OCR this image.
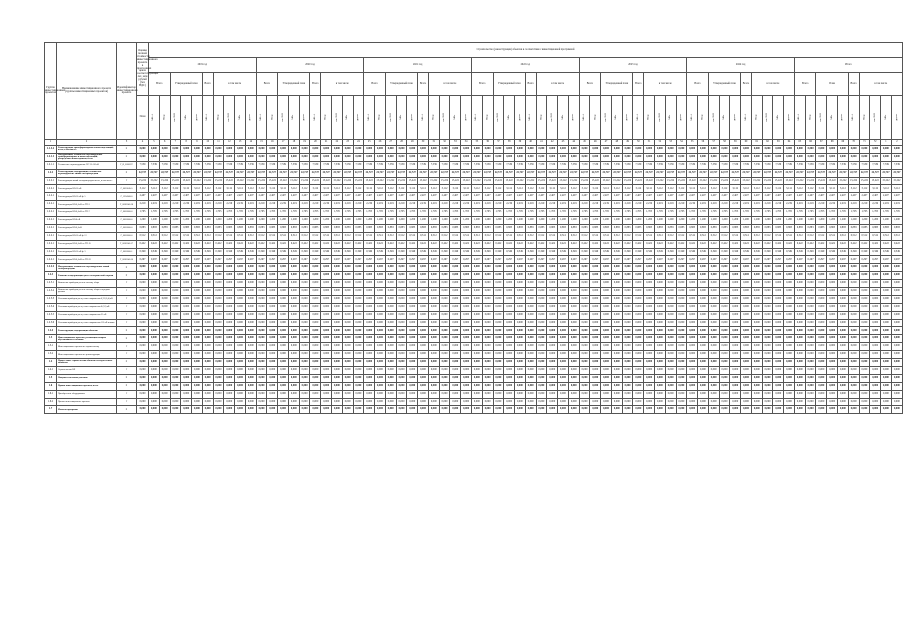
Группа инвестиционных проектов	Наименование инвестиционного проекта (группы инвестиционных проектов)	Идентификатор инвестиционного проекта	Оценка полной стоимости инвестиционного проекта в прогнозных ценах соответствующих лет, млн рублей (без НДС)	Строительство (реконструкция) объектов в соответствии с инвестиционной программой
2019 год	2020 год	2021 год	2022 год	2023 год	2024 год	Итого
Всего	Утвержденный план	Всего	в том числе	Всего	Утвержденный план	Всего	в том числе	Всего	Утвержденный план	Всего	в том числе	Всего	Утвержденный план	Всего	в том числе	Всего	Утвержденный план	Всего	в том числе	Всего	Утвержденный план	Всего	в том числе	Всего	План	Всего	в том числе
План	МВ×А	Мвар	км ЛЭП	МВт	другое	МВ×А	Мвар	км ЛЭП	МВт	другое	МВ×А	Мвар	км ЛЭП	МВт	другое	МВ×А	Мвар	км ЛЭП	МВт	другое	МВ×А	Мвар	км ЛЭП	МВт	другое	МВ×А	Мвар	км ЛЭП	МВт	другое	МВ×А	Мвар	км ЛЭП	МВт	другое	МВ×А	Мвар	км ЛЭП	МВт	другое	МВ×А	Мвар	км ЛЭП	МВт	другое	МВ×А	Мвар	км ЛЭП	МВт	другое	МВ×А	Мвар	км ЛЭП	МВт	другое	МВ×А	Мвар	км ЛЭП	МВт	другое	МВ×А	Мвар	км ЛЭП	МВт	другое	МВ×А	Мвар	км ЛЭП	МВт	другое
1	2	3	4	5	6	7	8	9	10	11	12	13	14	15	16	17	18	19	20	21	22	23	24	25	26	27	28	29	30	31	32	33	34	35	36	37	38	39	40	41	42	43	44	45	46	47	48	49	50	51	52	53	54	55	56	57	58	59	60	61	62	63	64	65	66	67	68	69	70	71	72	1	2
1.1.3.2	Реконструкция трансформаторных и иных подстанций, всего, в том числе:	Г	0,000	0,000	0,000	0,000	0,000	0,000	0,000	0,000	0,000	0,000	0,000	0,000	0,000	0,000	0,000	0,000	0,000	0,000	0,000	0,000	0,000	0,000	0,000	0,000	0,000	0,000	0,000	0,000	0,000	0,000	0,000	0,000	0,000	0,000	0,000	0,000	0,000	0,000	0,000	0,000	0,000	0,000	0,000	0,000	0,000	0,000	0,000	0,000	0,000	0,000	0,000	0,000	0,000	0,000	0,000	0,000	0,000	0,000	0,000	0,000	0,000	0,000	0,000	0,000	0,000	0,000	0,000	0,000	0,000	0,000	0,000
1.2.1.1	Модернизация, техническое перевооружение трансформаторных и иных подстанций, распределительных пунктов, всего	Г	0,000	0,000	0,000	0,000	0,000	0,000	0,000	0,000	0,000	0,000	0,000	0,000	0,000	0,000	0,000	0,000	0,000	0,000	0,000	0,000	0,000	0,000	0,000	0,000	0,000	0,000	0,000	0,000	0,000	0,000	0,000	0,000	0,000	0,000	0,000	0,000	0,000	0,000	0,000	0,000	0,000	0,000	0,000	0,000	0,000	0,000	0,000	0,000	0,000	0,000	0,000	0,000	0,000	0,000	0,000	0,000	0,000	0,000	0,000	0,000	0,000	0,000	0,000	0,000	0,000	0,000	0,000	0,000	0,000	0,000	0,000
1.2.1.1	Техническое перевооружение ПС 35-110 кВ	Г_Я_0000227	7,539	7,539	7,539	7,539	7,539	7,539	7,539	7,539	7,539	7,539	7,539	7,539	7,539	7,539	7,539	7,539	7,539	7,539	7,539	7,539	7,539	7,539	7,539	7,539	7,539	7,539	7,539	7,539	7,539	7,539	7,539	7,539	7,539	7,539	7,539	7,539	7,539	7,539	7,539	7,539	7,539	7,539	7,539	7,539	7,539	7,539	7,539	7,539	7,539	7,539	7,539	7,539	7,539	7,539	7,539	7,539	7,539	7,539	7,539	7,539	7,539	7,539	7,539	7,539	7,539	7,539	7,539	7,539	7,539	7,539	7,539
1.2.2	Реконструкция, модернизация, техническое перевооружение линий электропередачи	Г	22,727	22,727	22,727	22,727	22,727	22,727	22,727	22,727	22,727	22,727	22,727	22,727	22,727	22,727	22,727	22,727	22,727	22,727	22,727	22,727	22,727	22,727	22,727	22,727	22,727	22,727	22,727	22,727	22,727	22,727	22,727	22,727	22,727	22,727	22,727	22,727	22,727	22,727	22,727	22,727	22,727	22,727	22,727	22,727	22,727	22,727	22,727	22,727	22,727	22,727	22,727	22,727	22,727	22,727	22,727	22,727	22,727	22,727	22,727	22,727	22,727	22,727	22,727	22,727	22,727	22,727	22,727	22,727	22,727	22,727	22,727
1.2.2.1	Реконструкция линий электропередачи всего, в том числе:	Г	15,222	15,222	15,222	15,222	15,222	15,222	15,222	15,222	15,222	15,222	15,222	15,222	15,222	15,222	15,222	15,222	15,222	15,222	15,222	15,222	15,222	15,222	15,222	15,222	15,222	15,222	15,222	15,222	15,222	15,222	15,222	15,222	15,222	15,222	15,222	15,222	15,222	15,222	15,222	15,222	15,222	15,222	15,222	15,222	15,222	15,222	15,222	15,222	15,222	15,222	15,222	15,222	15,222	15,222	15,222	15,222	15,222	15,222	15,222	15,222	15,222	15,222	15,222	15,222	15,222	15,222	15,222	15,222	15,222	15,222	15,222
1.2.2.1	Реконструкция ВЛ-10 кВ	Г_0020245-5	3,112	3,112	3,112	3,112	3,112	3,112	3,112	3,112	3,112	3,112	3,112	3,112	3,112	3,112	3,112	3,112	3,112	3,112	3,112	3,112	3,112	3,112	3,112	3,112	3,112	3,112	3,112	3,112	3,112	3,112	3,112	3,112	3,112	3,112	3,112	3,112	3,112	3,112	3,112	3,112	3,112	3,112	3,112	3,112	3,112	3,112	3,112	3,112	3,112	3,112	3,112	3,112	3,112	3,112	3,112	3,112	3,112	3,112	3,112	3,112	3,112	3,112	3,112	3,112	3,112	3,112	3,112	3,112	3,112	3,112	3,112
1.2.2.1	Реконструкция ВЛ-10 кВ ф. 5	Г_1234568-0	2,407	2,407	2,407	2,407	2,407	2,407	2,407	2,407	2,407	2,407	2,407	2,407	2,407	2,407	2,407	2,407	2,407	2,407	2,407	2,407	2,407	2,407	2,407	2,407	2,407	2,407	2,407	2,407	2,407	2,407	2,407	2,407	2,407	2,407	2,407	2,407	2,407	2,407	2,407	2,407	2,407	2,407	2,407	2,407	2,407	2,407	2,407	2,407	2,407	2,407	2,407	2,407	2,407	2,407	2,407	2,407	2,407	2,407	2,407	2,407	2,407	2,407	2,407	2,407	2,407	2,407	2,407	2,407	2,407	2,407	2,407
1.2.2.1	Реконструкция ВЛ-0,4 кВ от ТП-3	Г_0020245-28	2,219	2,219	2,219	2,219	2,219	2,219	2,219	2,219	2,219	2,219	2,219	2,219	2,219	2,219	2,219	2,219	2,219	2,219	2,219	2,219	2,219	2,219	2,219	2,219	2,219	2,219	2,219	2,219	2,219	2,219	2,219	2,219	2,219	2,219	2,219	2,219	2,219	2,219	2,219	2,219	2,219	2,219	2,219	2,219	2,219	2,219	2,219	2,219	2,219	2,219	2,219	2,219	2,219	2,219	2,219	2,219	2,219	2,219	2,219	2,219	2,219	2,219	2,219	2,219	2,219	2,219	2,219	2,219	2,219	2,219	2,219
1.2.2.1	Реконструкция ВЛ-0,4 кВ от ТП-7	Г_0000000-0	1,705	1,705	1,705	1,705	1,705	1,705	1,705	1,705	1,705	1,705	1,705	1,705	1,705	1,705	1,705	1,705	1,705	1,705	1,705	1,705	1,705	1,705	1,705	1,705	1,705	1,705	1,705	1,705	1,705	1,705	1,705	1,705	1,705	1,705	1,705	1,705	1,705	1,705	1,705	1,705	1,705	1,705	1,705	1,705	1,705	1,705	1,705	1,705	1,705	1,705	1,705	1,705	1,705	1,705	1,705	1,705	1,705	1,705	1,705	1,705	1,705	1,705	1,705	1,705	1,705	1,705	1,705	1,705	1,705	1,705	1,705
1.2.2.1	Реконструкция ВЛ-6 кВ	Г_0000000-0	1,200	1,200	1,200	1,200	1,200	1,200	1,200	1,200	1,200	1,200	1,200	1,200	1,200	1,200	1,200	1,200	1,200	1,200	1,200	1,200	1,200	1,200	1,200	1,200	1,200	1,200	1,200	1,200	1,200	1,200	1,200	1,200	1,200	1,200	1,200	1,200	1,200	1,200	1,200	1,200	1,200	1,200	1,200	1,200	1,200	1,200	1,200	1,200	1,200	1,200	1,200	1,200	1,200	1,200	1,200	1,200	1,200	1,200	1,200	1,200	1,200	1,200	1,200	1,200	1,200	1,200	1,200	1,200	1,200	1,200	1,200
1.2.2.1	Реконструкция ВЛ-0,4 кВ	Г_0000000-0	0,883	0,883	0,883	0,883	0,883	0,883	0,883	0,883	0,883	0,883	0,883	0,883	0,883	0,883	0,883	0,883	0,883	0,883	0,883	0,883	0,883	0,883	0,883	0,883	0,883	0,883	0,883	0,883	0,883	0,883	0,883	0,883	0,883	0,883	0,883	0,883	0,883	0,883	0,883	0,883	0,883	0,883	0,883	0,883	0,883	0,883	0,883	0,883	0,883	0,883	0,883	0,883	0,883	0,883	0,883	0,883	0,883	0,883	0,883	0,883	0,883	0,883	0,883	0,883	0,883	0,883	0,883	0,883	0,883	0,883	0,883
1.2.2.1	Реконструкция ВЛ-10 кВ ф. 12	Г_0000000-0	0,512	0,512	0,512	0,512	0,512	0,512	0,512	0,512	0,512	0,512	0,512	0,512	0,512	0,512	0,512	0,512	0,512	0,512	0,512	0,512	0,512	0,512	0,512	0,512	0,512	0,512	0,512	0,512	0,512	0,512	0,512	0,512	0,512	0,512	0,512	0,512	0,512	0,512	0,512	0,512	0,512	0,512	0,512	0,512	0,512	0,512	0,512	0,512	0,512	0,512	0,512	0,512	0,512	0,512	0,512	0,512	0,512	0,512	0,512	0,512	0,512	0,512	0,512	0,512	0,512	0,512	0,512	0,512	0,512	0,512	0,512
1.2.2.1	Реконструкция ВЛ-0,4 кВ от ТП-15	Г_0020245-27	0,422	0,422	0,422	0,422	0,422	0,422	0,422	0,422	0,422	0,422	0,422	0,422	0,422	0,422	0,422	0,422	0,422	0,422	0,422	0,422	0,422	0,422	0,422	0,422	0,422	0,422	0,422	0,422	0,422	0,422	0,422	0,422	0,422	0,422	0,422	0,422	0,422	0,422	0,422	0,422	0,422	0,422	0,422	0,422	0,422	0,422	0,422	0,422	0,422	0,422	0,422	0,422	0,422	0,422	0,422	0,422	0,422	0,422	0,422	0,422	0,422	0,422	0,422	0,422	0,422	0,422	0,422	0,422	0,422	0,422	0,422
1.2.2.1	Реконструкция ВЛ-10 кВ ф. 3	Г_0000000-1	0,349	0,349	0,349	0,349	0,349	0,349	0,349	0,349	0,349	0,349	0,349	0,349	0,349	0,349	0,349	0,349	0,349	0,349	0,349	0,349	0,349	0,349	0,349	0,349	0,349	0,349	0,349	0,349	0,349	0,349	0,349	0,349	0,349	0,349	0,349	0,349	0,349	0,349	0,349	0,349	0,349	0,349	0,349	0,349	0,349	0,349	0,349	0,349	0,349	0,349	0,349	0,349	0,349	0,349	0,349	0,349	0,349	0,349	0,349	0,349	0,349	0,349	0,349	0,349	0,349	0,349	0,349	0,349	0,349	0,349	0,349
1.2.2.1	Реконструкция ВЛ-0,4 кВ от ТП-22	Г_0020245-30	0,297	0,297	0,297	0,297	0,297	0,297	0,297	0,297	0,297	0,297	0,297	0,297	0,297	0,297	0,297	0,297	0,297	0,297	0,297	0,297	0,297	0,297	0,297	0,297	0,297	0,297	0,297	0,297	0,297	0,297	0,297	0,297	0,297	0,297	0,297	0,297	0,297	0,297	0,297	0,297	0,297	0,297	0,297	0,297	0,297	0,297	0,297	0,297	0,297	0,297	0,297	0,297	0,297	0,297	0,297	0,297	0,297	0,297	0,297	0,297	0,297	0,297	0,297	0,297	0,297	0,297	0,297	0,297	0,297	0,297	0,297
1.2.2.2	Модернизация, техническое перевооружение линий электропередачи	Г	0,000	0,000	0,000	0,000	0,000	0,000	0,000	0,000	0,000	0,000	0,000	0,000	0,000	0,000	0,000	0,000	0,000	0,000	0,000	0,000	0,000	0,000	0,000	0,000	0,000	0,000	0,000	0,000	0,000	0,000	0,000	0,000	0,000	0,000	0,000	0,000	0,000	0,000	0,000	0,000	0,000	0,000	0,000	0,000	0,000	0,000	0,000	0,000	0,000	0,000	0,000	0,000	0,000	0,000	0,000	0,000	0,000	0,000	0,000	0,000	0,000	0,000	0,000	0,000	0,000	0,000	0,000	0,000	0,000	0,000	0,000
1.2.3	Развитие и модернизация учета электрической энергии	Г	0,000	0,000	0,000	0,000	0,000	0,000	0,000	0,000	0,000	0,000	0,000	0,000	0,000	0,000	0,000	0,000	0,000	0,000	0,000	0,000	0,000	0,000	0,000	0,000	0,000	0,000	0,000	0,000	0,000	0,000	0,000	0,000	0,000	0,000	0,000	0,000	0,000	0,000	0,000	0,000	0,000	0,000	0,000	0,000	0,000	0,000	0,000	0,000	0,000	0,000	0,000	0,000	0,000	0,000	0,000	0,000	0,000	0,000	0,000	0,000	0,000	0,000	0,000	0,000	0,000	0,000	0,000	0,000	0,000	0,000	0,000
1.2.3.1	Включение приборов учета в систему сбора	Г	0,000	0,000	0,000	0,000	0,000	0,000	0,000	0,000	0,000	0,000	0,000	0,000	0,000	0,000	0,000	0,000	0,000	0,000	0,000	0,000	0,000	0,000	0,000	0,000	0,000	0,000	0,000	0,000	0,000	0,000	0,000	0,000	0,000	0,000	0,000	0,000	0,000	0,000	0,000	0,000	0,000	0,000	0,000	0,000	0,000	0,000	0,000	0,000	0,000	0,000	0,000	0,000	0,000	0,000	0,000	0,000	0,000	0,000	0,000	0,000	0,000	0,000	0,000	0,000	0,000	0,000	0,000	0,000	0,000	0,000	0,000
1.2.3.2	Включение приборов учета в систему сбора и передачи данных	Г	0,000	0,000	0,000	0,000	0,000	0,000	0,000	0,000	0,000	0,000	0,000	0,000	0,000	0,000	0,000	0,000	0,000	0,000	0,000	0,000	0,000	0,000	0,000	0,000	0,000	0,000	0,000	0,000	0,000	0,000	0,000	0,000	0,000	0,000	0,000	0,000	0,000	0,000	0,000	0,000	0,000	0,000	0,000	0,000	0,000	0,000	0,000	0,000	0,000	0,000	0,000	0,000	0,000	0,000	0,000	0,000	0,000	0,000	0,000	0,000	0,000	0,000	0,000	0,000	0,000	0,000	0,000	0,000	0,000	0,000	0,000
1.2.3.3	Установка приборов учета, класс напряжения 0,22 (0,4) кВ	Г	0,000	0,000	0,000	0,000	0,000	0,000	0,000	0,000	0,000	0,000	0,000	0,000	0,000	0,000	0,000	0,000	0,000	0,000	0,000	0,000	0,000	0,000	0,000	0,000	0,000	0,000	0,000	0,000	0,000	0,000	0,000	0,000	0,000	0,000	0,000	0,000	0,000	0,000	0,000	0,000	0,000	0,000	0,000	0,000	0,000	0,000	0,000	0,000	0,000	0,000	0,000	0,000	0,000	0,000	0,000	0,000	0,000	0,000	0,000	0,000	0,000	0,000	0,000	0,000	0,000	0,000	0,000	0,000	0,000	0,000	0,000
1.2.3.4	Установка приборов учета, класс напряжения 6 (10) кВ	Г	0,000	0,000	0,000	0,000	0,000	0,000	0,000	0,000	0,000	0,000	0,000	0,000	0,000	0,000	0,000	0,000	0,000	0,000	0,000	0,000	0,000	0,000	0,000	0,000	0,000	0,000	0,000	0,000	0,000	0,000	0,000	0,000	0,000	0,000	0,000	0,000	0,000	0,000	0,000	0,000	0,000	0,000	0,000	0,000	0,000	0,000	0,000	0,000	0,000	0,000	0,000	0,000	0,000	0,000	0,000	0,000	0,000	0,000	0,000	0,000	0,000	0,000	0,000	0,000	0,000	0,000	0,000	0,000	0,000	0,000	0,000
1.2.3.5	Установка приборов учета, класс напряжения 35 кВ	Г	0,000	0,000	0,000	0,000	0,000	0,000	0,000	0,000	0,000	0,000	0,000	0,000	0,000	0,000	0,000	0,000	0,000	0,000	0,000	0,000	0,000	0,000	0,000	0,000	0,000	0,000	0,000	0,000	0,000	0,000	0,000	0,000	0,000	0,000	0,000	0,000	0,000	0,000	0,000	0,000	0,000	0,000	0,000	0,000	0,000	0,000	0,000	0,000	0,000	0,000	0,000	0,000	0,000	0,000	0,000	0,000	0,000	0,000	0,000	0,000	0,000	0,000	0,000	0,000	0,000	0,000	0,000	0,000	0,000	0,000	0,000
1.2.3.6	Установка приборов учета, класс напряжения 110 кВ и выше	Г	0,000	0,000	0,000	0,000	0,000	0,000	0,000	0,000	0,000	0,000	0,000	0,000	0,000	0,000	0,000	0,000	0,000	0,000	0,000	0,000	0,000	0,000	0,000	0,000	0,000	0,000	0,000	0,000	0,000	0,000	0,000	0,000	0,000	0,000	0,000	0,000	0,000	0,000	0,000	0,000	0,000	0,000	0,000	0,000	0,000	0,000	0,000	0,000	0,000	0,000	0,000	0,000	0,000	0,000	0,000	0,000	0,000	0,000	0,000	0,000	0,000	0,000	0,000	0,000	0,000	0,000	0,000	0,000	0,000	0,000	0,000
1.2.4	Реконструкция, модернизация объектов	Г	0,000	0,000	0,000	0,000	0,000	0,000	0,000	0,000	0,000	0,000	0,000	0,000	0,000	0,000	0,000	0,000	0,000	0,000	0,000	0,000	0,000	0,000	0,000	0,000	0,000	0,000	0,000	0,000	0,000	0,000	0,000	0,000	0,000	0,000	0,000	0,000	0,000	0,000	0,000	0,000	0,000	0,000	0,000	0,000	0,000	0,000	0,000	0,000	0,000	0,000	0,000	0,000	0,000	0,000	0,000	0,000	0,000	0,000	0,000	0,000	0,000	0,000	0,000	0,000	0,000	0,000	0,000	0,000	0,000	0,000	0,000
1.3	Инвестиционные проекты, реализация которых обуславливается схемами	Г	0,000	0,000	0,000	0,000	0,000	0,000	0,000	0,000	0,000	0,000	0,000	0,000	0,000	0,000	0,000	0,000	0,000	0,000	0,000	0,000	0,000	0,000	0,000	0,000	0,000	0,000	0,000	0,000	0,000	0,000	0,000	0,000	0,000	0,000	0,000	0,000	0,000	0,000	0,000	0,000	0,000	0,000	0,000	0,000	0,000	0,000	0,000	0,000	0,000	0,000	0,000	0,000	0,000	0,000	0,000	0,000	0,000	0,000	0,000	0,000	0,000	0,000	0,000	0,000	0,000	0,000	0,000	0,000	0,000	0,000	0,000
1.3.1	Инвестиционные проекты по строительству	Г	0,000	0,000	0,000	0,000	0,000	0,000	0,000	0,000	0,000	0,000	0,000	0,000	0,000	0,000	0,000	0,000	0,000	0,000	0,000	0,000	0,000	0,000	0,000	0,000	0,000	0,000	0,000	0,000	0,000	0,000	0,000	0,000	0,000	0,000	0,000	0,000	0,000	0,000	0,000	0,000	0,000	0,000	0,000	0,000	0,000	0,000	0,000	0,000	0,000	0,000	0,000	0,000	0,000	0,000	0,000	0,000	0,000	0,000	0,000	0,000	0,000	0,000	0,000	0,000	0,000	0,000	0,000	0,000	0,000	0,000	0,000
1.3.2	Инвестиционные проекты по реконструкции	Г	0,000	0,000	0,000	0,000	0,000	0,000	0,000	0,000	0,000	0,000	0,000	0,000	0,000	0,000	0,000	0,000	0,000	0,000	0,000	0,000	0,000	0,000	0,000	0,000	0,000	0,000	0,000	0,000	0,000	0,000	0,000	0,000	0,000	0,000	0,000	0,000	0,000	0,000	0,000	0,000	0,000	0,000	0,000	0,000	0,000	0,000	0,000	0,000	0,000	0,000	0,000	0,000	0,000	0,000	0,000	0,000	0,000	0,000	0,000	0,000	0,000	0,000	0,000	0,000	0,000	0,000	0,000	0,000	0,000	0,000	0,000
1.4	Прочее новое строительство объектов электросетевого хозяйства	Г	0,000	0,000	0,000	0,000	0,000	0,000	0,000	0,000	0,000	0,000	0,000	0,000	0,000	0,000	0,000	0,000	0,000	0,000	0,000	0,000	0,000	0,000	0,000	0,000	0,000	0,000	0,000	0,000	0,000	0,000	0,000	0,000	0,000	0,000	0,000	0,000	0,000	0,000	0,000	0,000	0,000	0,000	0,000	0,000	0,000	0,000	0,000	0,000	0,000	0,000	0,000	0,000	0,000	0,000	0,000	0,000	0,000	0,000	0,000	0,000	0,000	0,000	0,000	0,000	0,000	0,000	0,000	0,000	0,000	0,000	0,000
1.4.1	Строительство ВЛ	Г	0,000	0,000	0,000	0,000	0,000	0,000	0,000	0,000	0,000	0,000	0,000	0,000	0,000	0,000	0,000	0,000	0,000	0,000	0,000	0,000	0,000	0,000	0,000	0,000	0,000	0,000	0,000	0,000	0,000	0,000	0,000	0,000	0,000	0,000	0,000	0,000	0,000	0,000	0,000	0,000	0,000	0,000	0,000	0,000	0,000	0,000	0,000	0,000	0,000	0,000	0,000	0,000	0,000	0,000	0,000	0,000	0,000	0,000	0,000	0,000	0,000	0,000	0,000	0,000	0,000	0,000	0,000	0,000	0,000	0,000	0,000
1.5	Покупка земельных участков	Г	0,000	0,000	0,000	0,000	0,000	0,000	0,000	0,000	0,000	0,000	0,000	0,000	0,000	0,000	0,000	0,000	0,000	0,000	0,000	0,000	0,000	0,000	0,000	0,000	0,000	0,000	0,000	0,000	0,000	0,000	0,000	0,000	0,000	0,000	0,000	0,000	0,000	0,000	0,000	0,000	0,000	0,000	0,000	0,000	0,000	0,000	0,000	0,000	0,000	0,000	0,000	0,000	0,000	0,000	0,000	0,000	0,000	0,000	0,000	0,000	0,000	0,000	0,000	0,000	0,000	0,000	0,000	0,000	0,000	0,000	0,000
1.6	Прочие инвестиционные проекты, всего	Г	0,000	0,000	0,000	0,000	0,000	0,000	0,000	0,000	0,000	0,000	0,000	0,000	0,000	0,000	0,000	0,000	0,000	0,000	0,000	0,000	0,000	0,000	0,000	0,000	0,000	0,000	0,000	0,000	0,000	0,000	0,000	0,000	0,000	0,000	0,000	0,000	0,000	0,000	0,000	0,000	0,000	0,000	0,000	0,000	0,000	0,000	0,000	0,000	0,000	0,000	0,000	0,000	0,000	0,000	0,000	0,000	0,000	0,000	0,000	0,000	0,000	0,000	0,000	0,000	0,000	0,000	0,000	0,000	0,000	0,000	0,000
1.6.1	Приобретение оборудования	Г	0,000	0,000	0,000	0,000	0,000	0,000	0,000	0,000	0,000	0,000	0,000	0,000	0,000	0,000	0,000	0,000	0,000	0,000	0,000	0,000	0,000	0,000	0,000	0,000	0,000	0,000	0,000	0,000	0,000	0,000	0,000	0,000	0,000	0,000	0,000	0,000	0,000	0,000	0,000	0,000	0,000	0,000	0,000	0,000	0,000	0,000	0,000	0,000	0,000	0,000	0,000	0,000	0,000	0,000	0,000	0,000	0,000	0,000	0,000	0,000	0,000	0,000	0,000	0,000	0,000	0,000	0,000	0,000	0,000	0,000	0,000
1.6.2	Прочие инвестиционные проекты	Г	0,000	0,000	0,000	0,000	0,000	0,000	0,000	0,000	0,000	0,000	0,000	0,000	0,000	0,000	0,000	0,000	0,000	0,000	0,000	0,000	0,000	0,000	0,000	0,000	0,000	0,000	0,000	0,000	0,000	0,000	0,000	0,000	0,000	0,000	0,000	0,000	0,000	0,000	0,000	0,000	0,000	0,000	0,000	0,000	0,000	0,000	0,000	0,000	0,000	0,000	0,000	0,000	0,000	0,000	0,000	0,000	0,000	0,000	0,000	0,000	0,000	0,000	0,000	0,000	0,000	0,000	0,000	0,000	0,000	0,000	0,000
1.7	Итого по программе	Г	0,000	0,000	0,000	0,000	0,000	0,000	0,000	0,000	0,000	0,000	0,000	0,000	0,000	0,000	0,000	0,000	0,000	0,000	0,000	0,000	0,000	0,000	0,000	0,000	0,000	0,000	0,000	0,000	0,000	0,000	0,000	0,000	0,000	0,000	0,000	0,000	0,000	0,000	0,000	0,000	0,000	0,000	0,000	0,000	0,000	0,000	0,000	0,000	0,000	0,000	0,000	0,000	0,000	0,000	0,000	0,000	0,000	0,000	0,000	0,000	0,000	0,000	0,000	0,000	0,000	0,000	0,000	0,000	0,000	0,000	0,000
